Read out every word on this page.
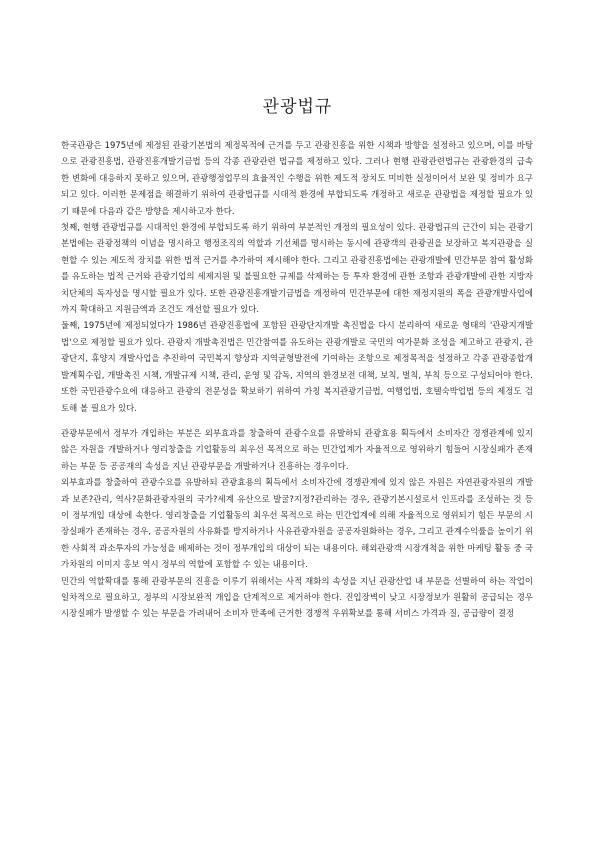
관광법규

한국관광은 1975년에 제정된 관광기본법의 제정목적에 근거를 두고 관광진흥을 위한 시책과 방향을 설정하고 있으며, 이를 바탕으로 관광진흥법, 관광진흥개발기금법 등의 각종 관광관련 법규를 제정하고 있다. 그러나 현행 관광관련법규는 관광환경의 급속한 변화에 대응하지 못하고 있으며, 관광행정업무의 효율적인 수행을 위한 제도적 장치도 미비한 실정이어서 보완 및 정비가 요구되고 있다. 이러한 문제점을 해결하기 위하여 관광법규를 시대적 환경에 부합되도록 개정하고 새로운 관광법을 제정할 필요가 있기 때문에 다음과 같은 방향을 제시하고자 한다.

첫째, 현행 관광법규를 시대적인 환경에 부합되도록 하기 위하여 부분적인 개정의 필요성이 있다. 관광법규의 근간이 되는 관광기본법에는 관광정책의 이념을 명시하고 행정조직의 역할과 기선체를 명시하는 동시에 관광객의 관광권을 보장하고 복지관광을 실현할 수 있는 제도적 장치를 위한 법적 근거를 추가하여 제시해야 한다. 그리고 관광진흥법에는 관광개발에 민간부문 참여 활성화를 유도하는 법적 근거와 관광기업의 세제지원 및 불필요한 규제를 삭제하는 등 투자 환경에 관한 조항과 관광개발에 관한 지방자치단체의 독자성을 명시할 필요가 있다. 또한 관광진흥개발기금법을 개정하여 민간부문에 대한 재정지원의 폭을 관광개발사업에 까지 확대하고 지원금액과 조건도 개선할 필요가 있다.

둘째, 1975년에 제정되었다가 1986년 관광진흥법에 포함된 관광단지개발 촉진법을 다시 분리하여 새로운 형태의 '관광지개발법'으로 제정할 필요가 있다. 관광지 개발촉진법은 민간참여를 유도하는 관광개발로 국민의 여가문화 조성을 제고하고 관광지, 관광단지, 휴양지 개발사업을 추진하여 국민복지 향상과 지역균형발전에 기여하는 조항으로 제정목적을 설정하고 각종 관광종합개발계획수립, 개발촉진 시책, 개발규제 시책, 관리, 운영 및 감독, 지역의 환경보전 대책, 보칙, 벌칙, 부칙 등으로 구성되어야 한다. 또한 국민관광수요에 대응하고 관광의 전문성을 확보하기 위하여 가칭 복지관광기금법, 여행업법, 호텔숙박업법 등의 제정도 검토해 볼 필요가 있다.

관광부문에서 정부가 개입하는 부분은 외부효과를 창출하여 관광수요를 유발하되 관광효용 획득에서 소비자간 경쟁관계에 있지 않은 자원을 개발하거나 영리창출을 기업활동의 최우선 목적으로 하는 민간업계가 자율적으로 영위하기 힘들어 시장실패가 존재하는 부문 등 공공재의 속성을 지닌 관광부문을 개발하거나 진흥하는 경우이다.

외부효과를 창출하여 관광수요를 유발하되 관광효용의 획득에서 소비자간에 경쟁관계에 있지 않은 자원은 자연관광자원의 개발과 보존?관리, 역사?문화관광자원의 국가?세계 유산으로 발굴?지정?관리하는 경우, 관광기본시설로서 인프라를 조성하는 것 등이 정부개입 대상에 속한다. 영리창출을 기업활동의 최우선 목적으로 하는 민간업계에 의해 자율적으로 영위되기 힘든 부문의 시장실패가 존재하는 경우, 공공자원의 사유화를 방지하거나 사유관광자원을 공공자원화하는 경우, 그리고 관계수익률을 높이기 위한 사회적 과소투자의 가능성을 배제하는 것이 정부개입의 대상이 되는 내용이다. 해외관광객 시장개척을 위한 마케팅 활동 중 국가차원의 이미지 홍보 역시 정부의 역할에 포함할 수 있는 내용이다.

민간의 역할확대를 통해 관광부문의 진흥을 이루기 위해서는 사적 재화의 속성을 지닌 관광산업 내 부문을 선별하여 하는 작업이 일차적으로 필요하고, 정부의 시장보완적 개입을 단계적으로 제거하야 한다. 진입장벽이 낮고 시장정보가 원활히 공급되는 경우 시장실패가 발생할 수 있는 부문을 가려내어 소비자 만족에 근거한 경쟁적 우위확보를 통해 서비스 가격과 질, 공급량이 결정
